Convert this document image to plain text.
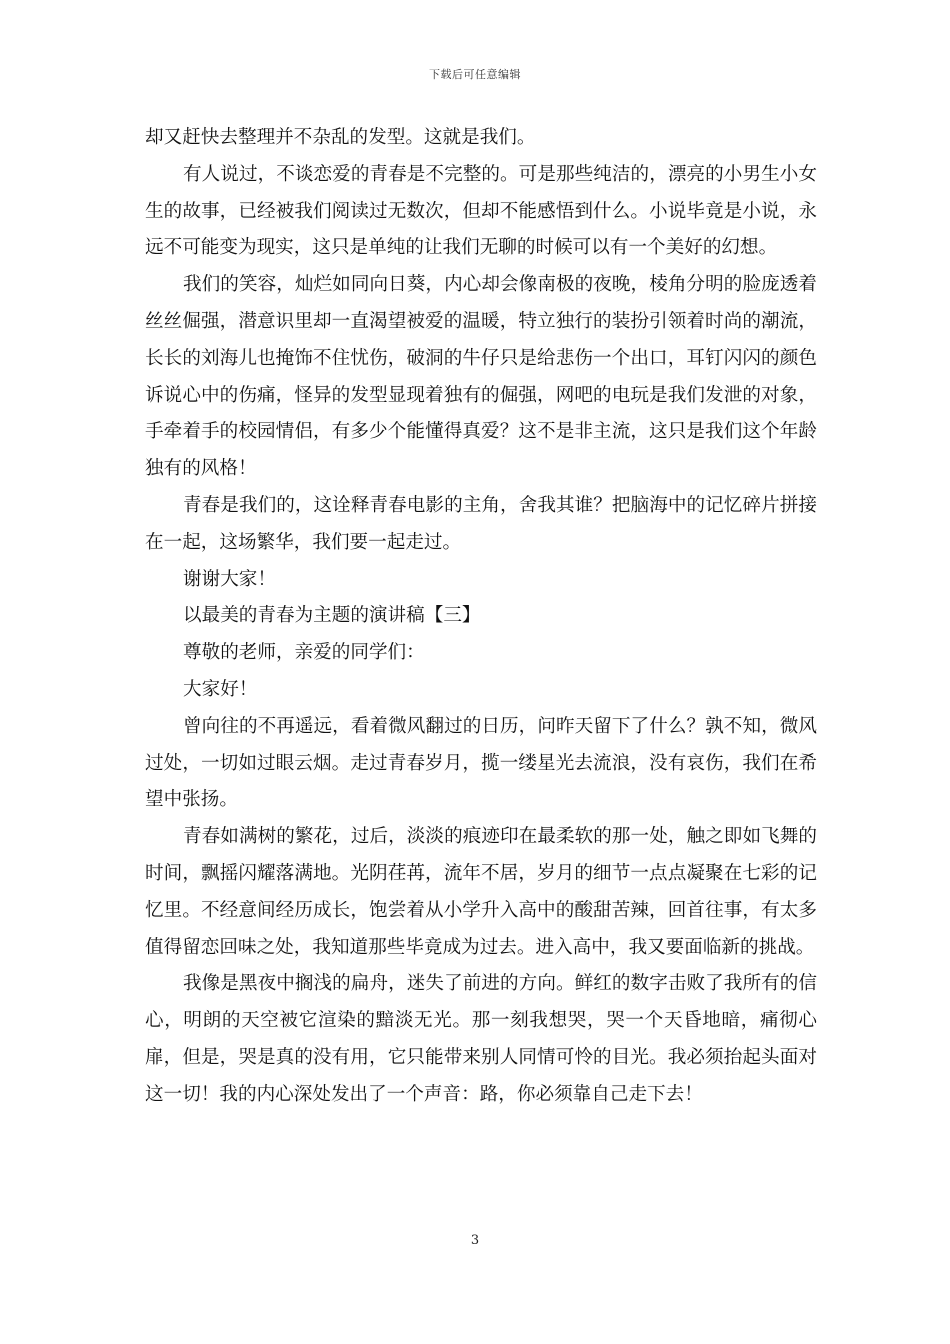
下载后可任意编辑

却又赶快去整理并不杂乱的发型。这就是我们。

有人说过，不谈恋爱的青春是不完整的。可是那些纯洁的，漂亮的小男生小女生的故事，已经被我们阅读过无数次，但却不能感悟到什么。小说毕竟是小说，永远不可能变为现实，这只是单纯的让我们无聊的时候可以有一个美好的幻想。

我们的笑容，灿烂如同向日葵，内心却会像南极的夜晚，棱角分明的脸庞透着丝丝倔强，潜意识里却一直渴望被爱的温暖，特立独行的装扮引领着时尚的潮流，长长的刘海儿也掩饰不住忧伤，破洞的牛仔只是给悲伤一个出口，耳钉闪闪的颜色诉说心中的伤痛，怪异的发型显现着独有的倔强，网吧的电玩是我们发泄的对象，手牵着手的校园情侣，有多少个能懂得真爱？这不是非主流，这只是我们这个年龄独有的风格！

青春是我们的，这诠释青春电影的主角，舍我其谁？把脑海中的记忆碎片拼接在一起，这场繁华，我们要一起走过。

谢谢大家！

以最美的青春为主题的演讲稿【三】

尊敬的老师，亲爱的同学们：

大家好！

曾向往的不再遥远，看着微风翻过的日历，问昨天留下了什么？孰不知，微风过处，一切如过眼云烟。走过青春岁月，揽一缕星光去流浪，没有哀伤，我们在希望中张扬。

青春如满树的繁花，过后，淡淡的痕迹印在最柔软的那一处，触之即如飞舞的时间，飘摇闪耀落满地。光阴荏苒，流年不居，岁月的细节一点点凝聚在七彩的记忆里。不经意间经历成长，饱尝着从小学升入高中的酸甜苦辣，回首往事，有太多值得留恋回味之处，我知道那些毕竟成为过去。进入高中，我又要面临新的挑战。

我像是黑夜中搁浅的扁舟，迷失了前进的方向。鲜红的数字击败了我所有的信心，明朗的天空被它渲染的黯淡无光。那一刻我想哭，哭一个天昏地暗，痛彻心扉，但是，哭是真的没有用，它只能带来别人同情可怜的目光。我必须抬起头面对这一切！我的内心深处发出了一个声音：路，你必须靠自己走下去！

3
